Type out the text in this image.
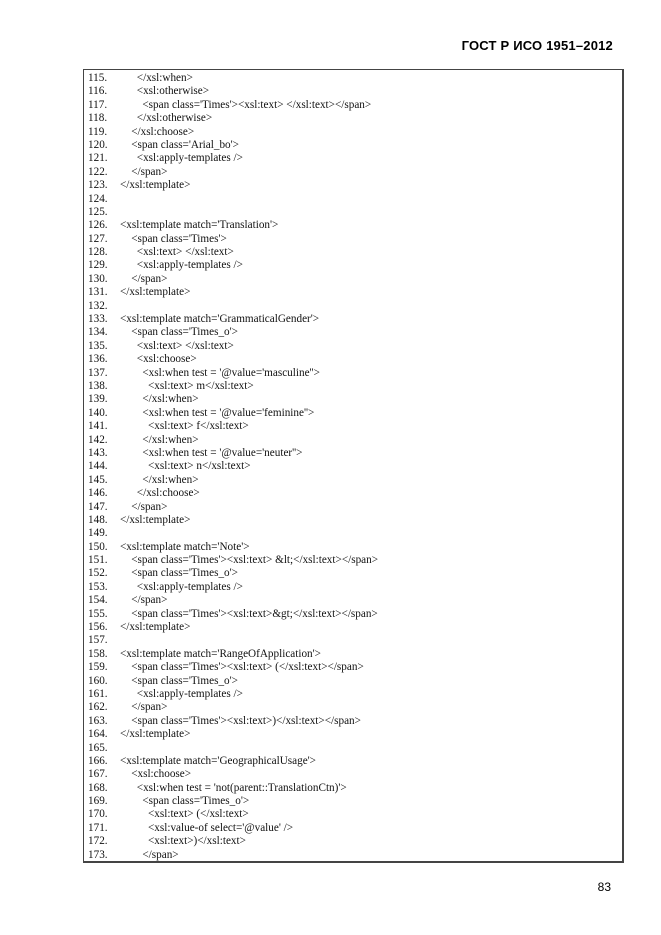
ГОСТ Р ИСО 1951–2012
115.	</xsl:when>
116.	<xsl:otherwise>
117.	<span class='Times'><xsl:text> </xsl:text></span>
118.	</xsl:otherwise>
119.	</xsl:choose>
120.	<span class='Arial_bo'>
121.	<xsl:apply-templates />
122.	</span>
123.	</xsl:template>
124.
125.
126.	<xsl:template match='Translation'>
127.	<span class='Times'>
128.	<xsl:text> </xsl:text>
129.	<xsl:apply-templates />
130.	</span>
131.	</xsl:template>
132.
133.	<xsl:template match='GrammaticalGender'>
134.	<span class='Times_o'>
135.	<xsl:text> </xsl:text>
136.	<xsl:choose>
137.	<xsl:when test = '@value='masculine''>
138.	<xsl:text> m</xsl:text>
139.	</xsl:when>
140.	<xsl:when test = '@value='feminine''>
141.	<xsl:text> f</xsl:text>
142.	</xsl:when>
143.	<xsl:when test = '@value='neuter''>
144.	<xsl:text> n</xsl:text>
145.	</xsl:when>
146.	</xsl:choose>
147.	</span>
148.	</xsl:template>
149.
150.	<xsl:template match='Note'>
151.	<span class='Times'><xsl:text> &lt;</xsl:text></span>
152.	<span class='Times_o'>
153.	<xsl:apply-templates />
154.	</span>
155.	<span class='Times'><xsl:text>&gt;</xsl:text></span>
156.	</xsl:template>
157.
158.	<xsl:template match='RangeOfApplication'>
159.	<span class='Times'><xsl:text> (</xsl:text></span>
160.	<span class='Times_o'>
161.	<xsl:apply-templates />
162.	</span>
163.	<span class='Times'><xsl:text>)</xsl:text></span>
164.	</xsl:template>
165.
166.	<xsl:template match='GeographicalUsage'>
167.	<xsl:choose>
168.	<xsl:when test = 'not(parent::TranslationCtn)'>
169.	<span class='Times_o'>
170.	<xsl:text> (</xsl:text>
171.	<xsl:value-of select='@value' />
172.	<xsl:text>)</xsl:text>
173.	</span>
83
